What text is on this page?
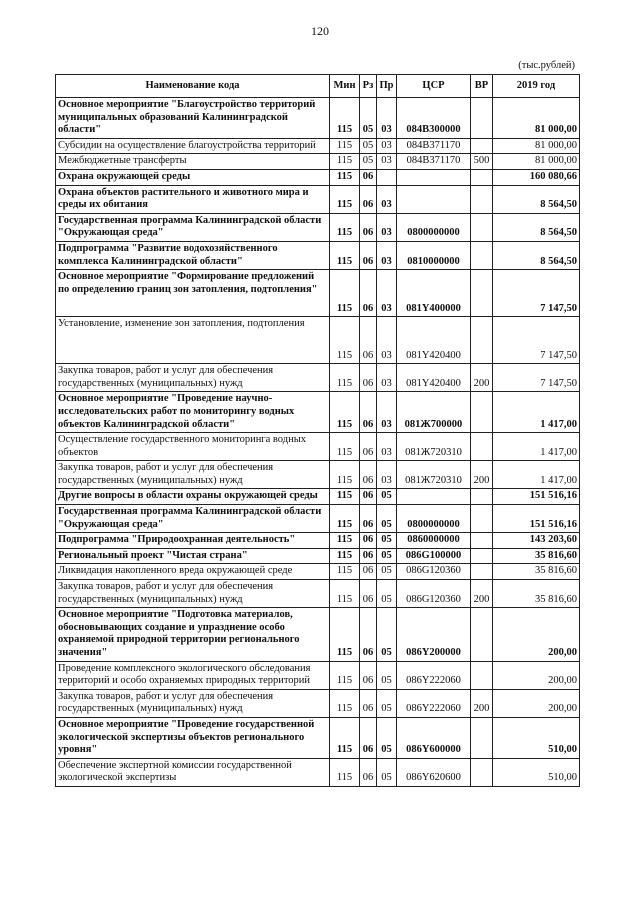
120
(тыс.рублей)
Наименование кода	Мин	Рз	Пр	ЦСР	ВР	2019 год

Основное мероприятие "Благоустройство территорий муниципальных образований Калининградской области"	115	05	03	084B300000		81 000,00

Субсидии на осуществление благоустройства территорий	115	05	03	084B371170		81 000,00

Межбюджетные трансферты	115	05	03	084B371170	500	81 000,00

Охрана окружающей среды	115	06				160 080,66

Охрана объектов растительного и животного мира и среды их обитания	115	06	03			8 564,50

Государственная программа Калининградской области "Окружающая среда"	115	06	03	0800000000		8 564,50

Подпрограмма "Развитие водохозяйственного комплекса Калининградской области"	115	06	03	0810000000		8 564,50

Основное мероприятие "Формирование предложений по определению границ зон затопления, подтопления"	115	06	03	081Y400000		7 147,50

Установление, изменение зон затопления, подтопления	115	06	03	081Y420400		7 147,50

Закупка товаров, работ и услуг для обеспечения государственных (муниципальных) нужд	115	06	03	081Y420400	200	7 147,50

Основное мероприятие "Проведение научно-исследовательских работ по мониторингу водных объектов Калининградской области"	115	06	03	081Ж700000		1 417,00

Осуществление государственного мониторинга водных объектов	115	06	03	081Ж720310		1 417,00

Закупка товаров, работ и услуг для обеспечения государственных (муниципальных) нужд	115	06	03	081Ж720310	200	1 417,00

Другие вопросы в области охраны окружающей среды	115	06	05			151 516,16

Государственная программа Калининградской области "Окружающая среда"	115	06	05	0800000000		151 516,16

Подпрограмма "Природоохранная деятельность"	115	06	05	0860000000		143 203,60

Региональный проект "Чистая страна"	115	06	05	086G100000		35 816,60

Ликвидация накопленного вреда окружающей среде	115	06	05	086G120360		35 816,60

Закупка товаров, работ и услуг для обеспечения государственных (муниципальных) нужд	115	06	05	086G120360	200	35 816,60

Основное мероприятие "Подготовка материалов, обосновывающих создание и упразднение особо охраняемой природной территории регионального значения"	115	06	05	086Y200000		200,00

Проведение комплексного экологического обследования территорий и особо охраняемых природных территорий	115	06	05	086Y222060		200,00

Закупка товаров, работ и услуг для обеспечения государственных (муниципальных) нужд	115	06	05	086Y222060	200	200,00

Основное мероприятие "Проведение государственной экологической экспертизы объектов регионального уровня"	115	06	05	086Y600000		510,00

Обеспечение экспертной комиссии государственной экологической экспертизы	115	06	05	086Y620600		510,00
